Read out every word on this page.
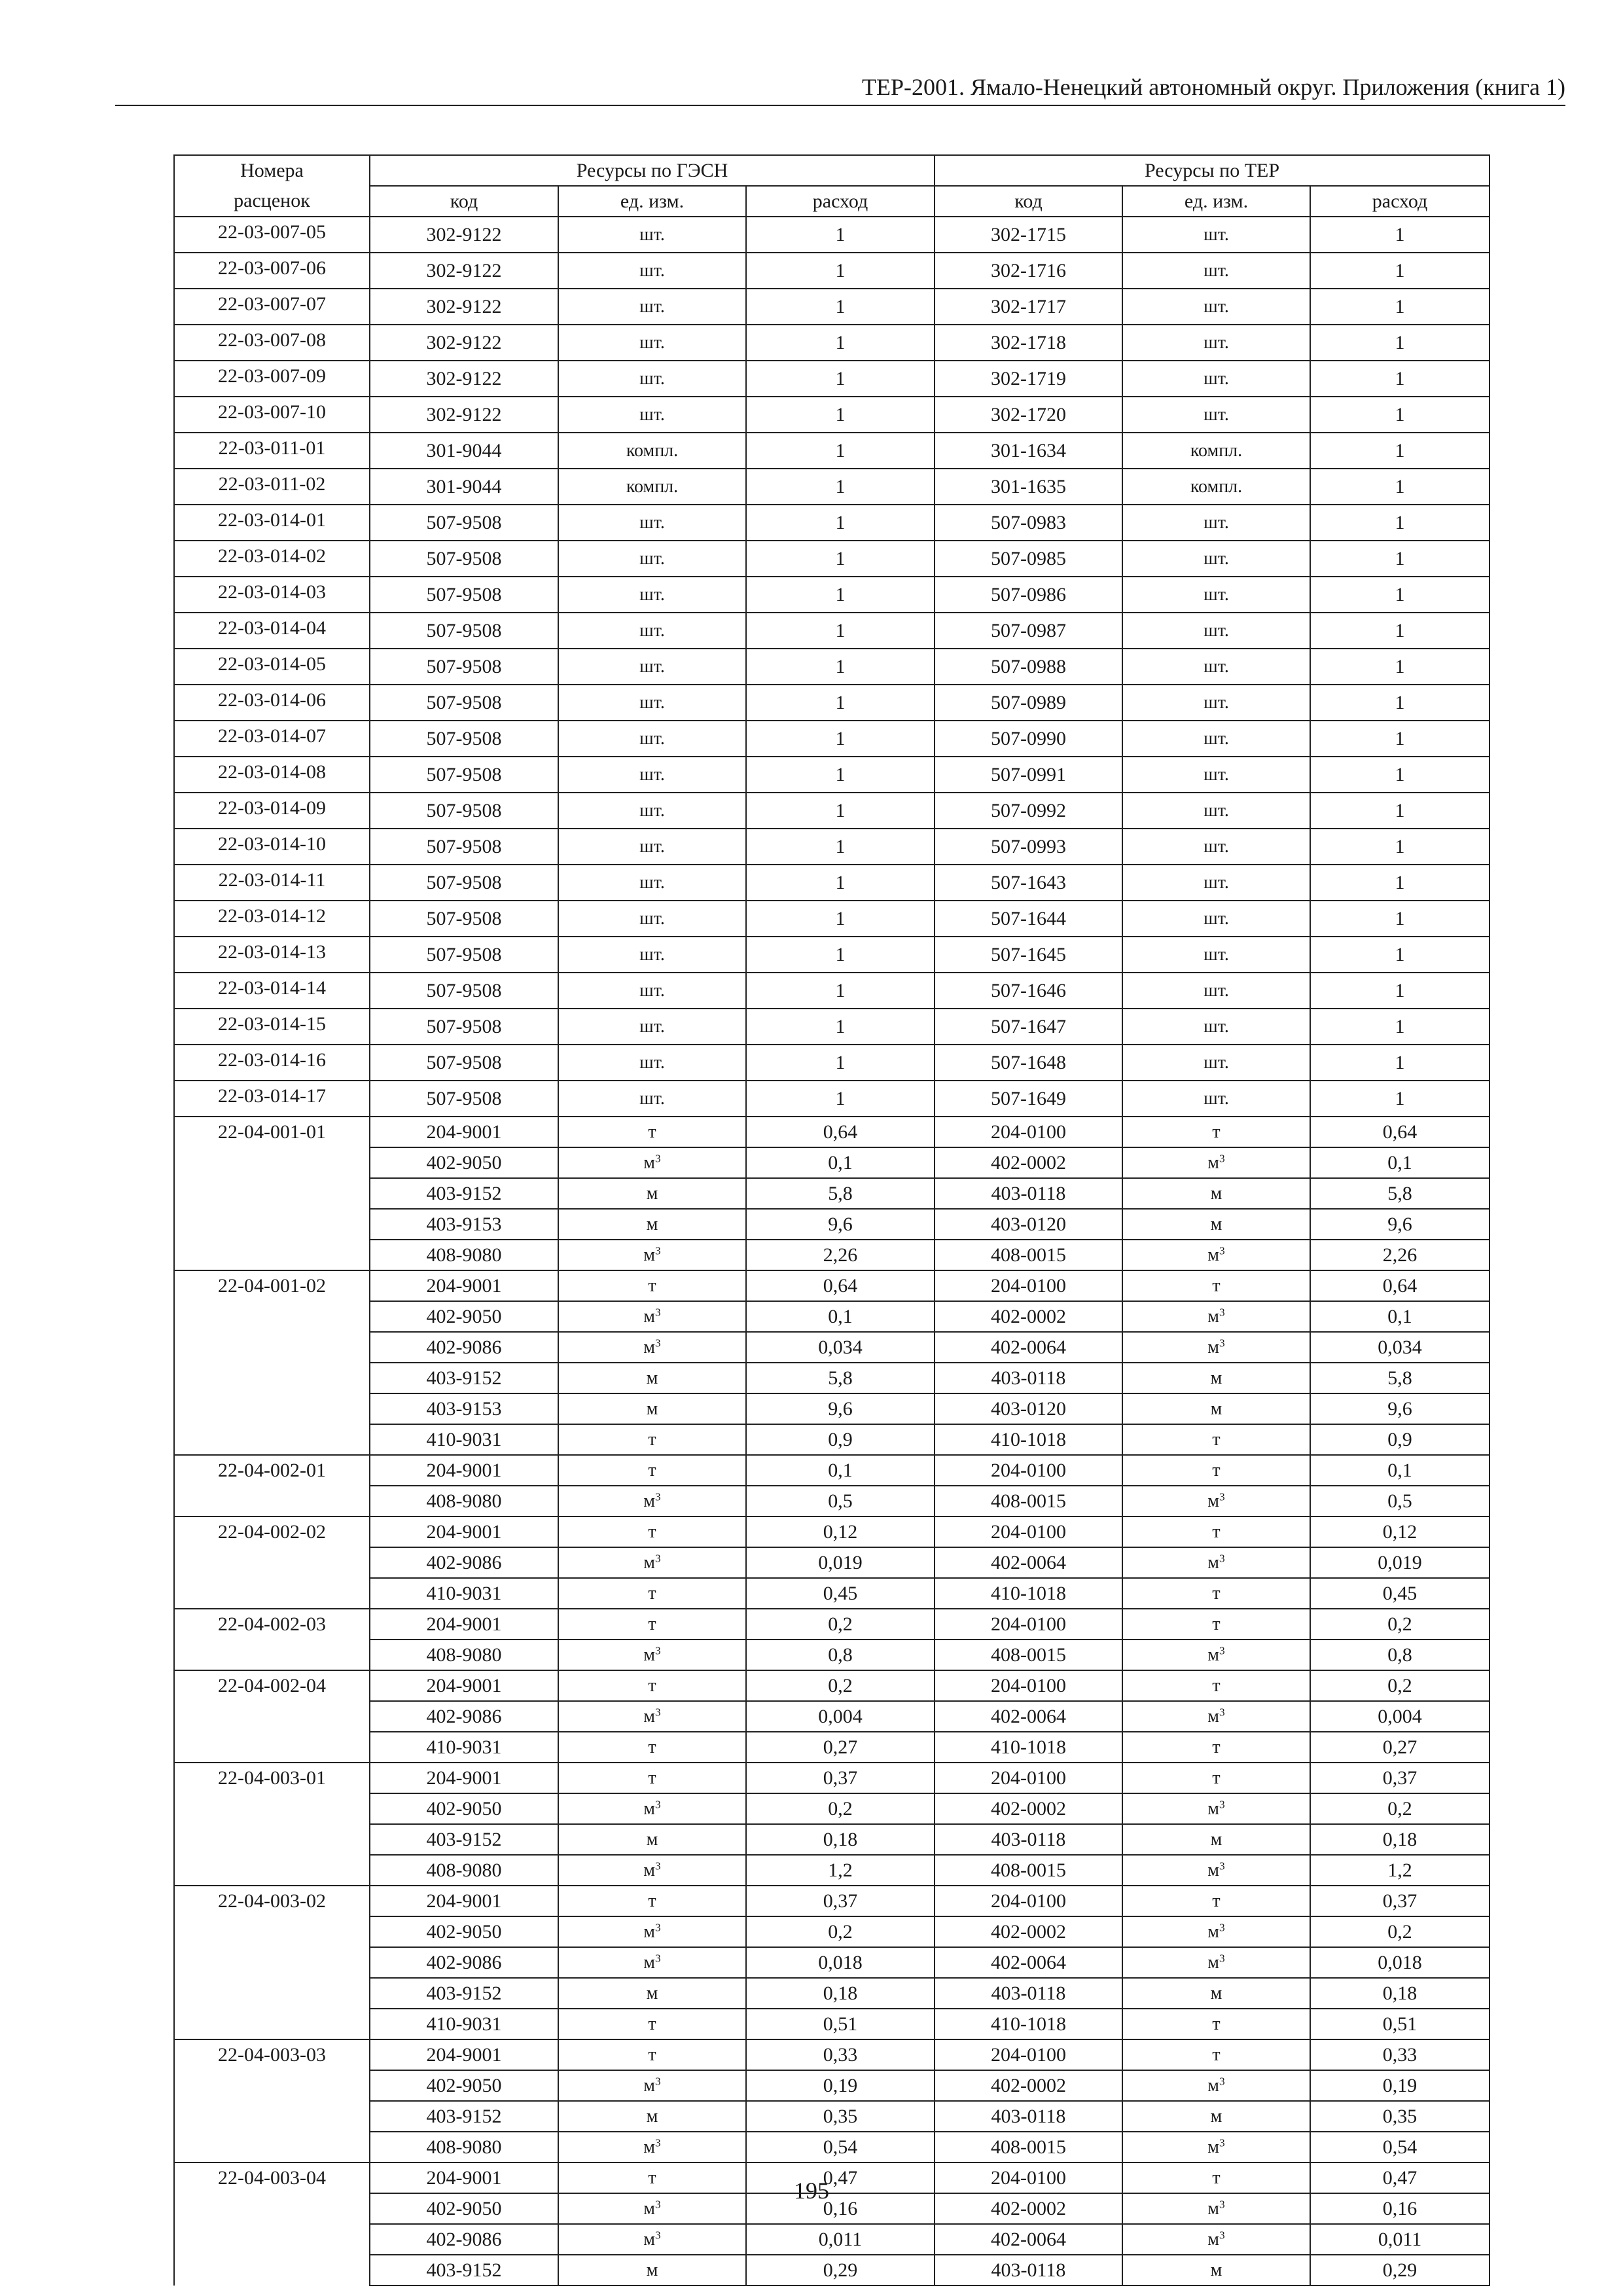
ТЕР-2001. Ямало-Ненецкий автономный округ. Приложения (книга 1)
Номера	Ресурсы по ГЭСН			Ресурсы по ТЕР		
расценок	код	ед. изм.	расход	код	ед. изм.	расход
22-03-007-05	302-9122	шт.	1	302-1715	шт.	1
22-03-007-06	302-9122	шт.	1	302-1716	шт.	1
22-03-007-07	302-9122	шт.	1	302-1717	шт.	1
22-03-007-08	302-9122	шт.	1	302-1718	шт.	1
22-03-007-09	302-9122	шт.	1	302-1719	шт.	1
22-03-007-10	302-9122	шт.	1	302-1720	шт.	1
22-03-011-01	301-9044	компл.	1	301-1634	компл.	1
22-03-011-02	301-9044	компл.	1	301-1635	компл.	1
22-03-014-01	507-9508	шт.	1	507-0983	шт.	1
22-03-014-02	507-9508	шт.	1	507-0985	шт.	1
22-03-014-03	507-9508	шт.	1	507-0986	шт.	1
22-03-014-04	507-9508	шт.	1	507-0987	шт.	1
22-03-014-05	507-9508	шт.	1	507-0988	шт.	1
22-03-014-06	507-9508	шт.	1	507-0989	шт.	1
22-03-014-07	507-9508	шт.	1	507-0990	шт.	1
22-03-014-08	507-9508	шт.	1	507-0991	шт.	1
22-03-014-09	507-9508	шт.	1	507-0992	шт.	1
22-03-014-10	507-9508	шт.	1	507-0993	шт.	1
22-03-014-11	507-9508	шт.	1	507-1643	шт.	1
22-03-014-12	507-9508	шт.	1	507-1644	шт.	1
22-03-014-13	507-9508	шт.	1	507-1645	шт.	1
22-03-014-14	507-9508	шт.	1	507-1646	шт.	1
22-03-014-15	507-9508	шт.	1	507-1647	шт.	1
22-03-014-16	507-9508	шт.	1	507-1648	шт.	1
22-03-014-17	507-9508	шт.	1	507-1649	шт.	1
22-04-001-01	204-9001	т	0,64	204-0100	т	0,64
	402-9050	$м^3$	0,1	402-0002	$м^3$	0,1
	403-9152	м	5,8	403-0118	м	5,8
	403-9153	м	9,6	403-0120	м	9,6
	408-9080	$м^3$	2,26	408-0015	$м^3$	2,26
22-04-001-02	204-9001	т	0,64	204-0100	т	0,64
	402-9050	$м^3$	0,1	402-0002	$м^3$	0,1
	402-9086	$м^3$	0,034	402-0064	$м^3$	0,034
	403-9152	м	5,8	403-0118	м	5,8
	403-9153	м	9,6	403-0120	м	9,6
	410-9031	т	0,9	410-1018	т	0,9
22-04-002-01	204-9001	т	0,1	204-0100	т	0,1
	408-9080	$м^3$	0,5	408-0015	$м^3$	0,5
22-04-002-02	204-9001	т	0,12	204-0100	т	0,12
	402-9086	$м^3$	0,019	402-0064	$м^3$	0,019
	410-9031	т	0,45	410-1018	т	0,45
22-04-002-03	204-9001	т	0,2	204-0100	т	0,2
	408-9080	$м^3$	0,8	408-0015	$м^3$	0,8
22-04-002-04	204-9001	т	0,2	204-0100	т	0,2
	402-9086	$м^3$	0,004	402-0064	$м^3$	0,004
	410-9031	т	0,27	410-1018	т	0,27
22-04-003-01	204-9001	т	0,37	204-0100	т	0,37
	402-9050	$м^3$	0,2	402-0002	$м^3$	0,2
	403-9152	м	0,18	403-0118	м	0,18
	408-9080	$м^3$	1,2	408-0015	$м^3$	1,2
22-04-003-02	204-9001	т	0,37	204-0100	т	0,37
	402-9050	$м^3$	0,2	402-0002	$м^3$	0,2
	402-9086	$м^3$	0,018	402-0064	$м^3$	0,018
	403-9152	м	0,18	403-0118	м	0,18
	410-9031	т	0,51	410-1018	т	0,51
22-04-003-03	204-9001	т	0,33	204-0100	т	0,33
	402-9050	$м^3$	0,19	402-0002	$м^3$	0,19
	403-9152	м	0,35	403-0118	м	0,35
	408-9080	$м^3$	0,54	408-0015	$м^3$	0,54
22-04-003-04	204-9001	т	0,47	204-0100	т	0,47
	402-9050	$м^3$	0,16	402-0002	$м^3$	0,16
	402-9086	$м^3$	0,011	402-0064	$м^3$	0,011
	403-9152	м	0,29	403-0118	м	0,29
195
